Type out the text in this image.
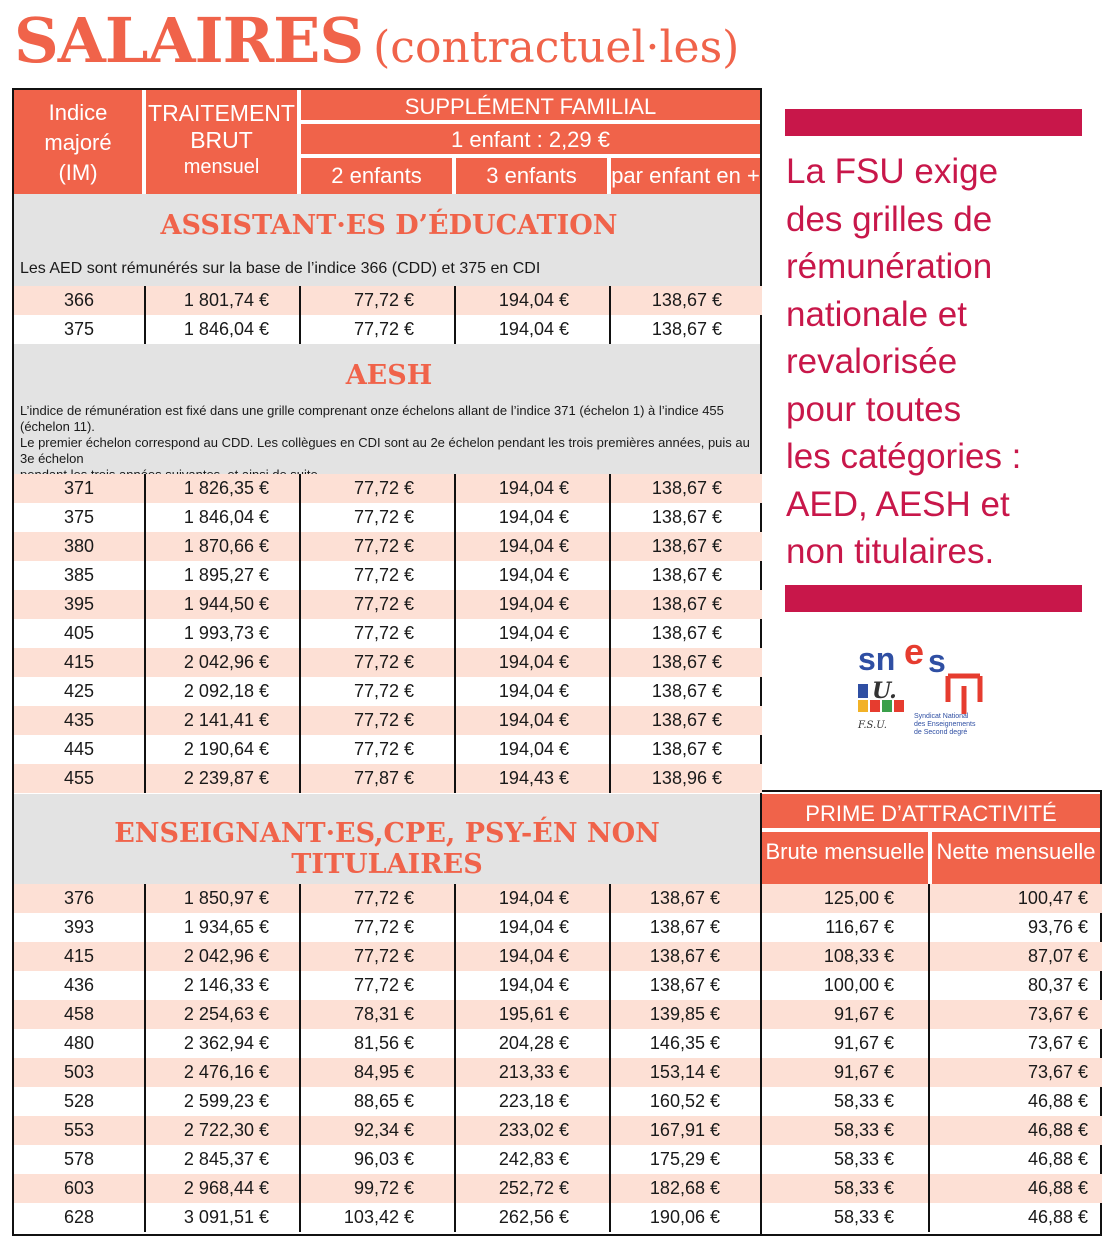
SALAIRES (contractuel·les)
Indice
majoré
(IM)
TRAITEMENT
BRUT
mensuel
SUPPLÉMENT FAMILIAL
1 enfant : 2,29 €
2 enfants	3 enfants	par enfant en +
ASSISTANT·ES D’ÉDUCATION
Les AED sont rémunérés sur la base de l’indice 366 (CDD) et 375 en CDI
366	1 801,74 €	77,72 €	194,04 €	138,67 €
375	1 846,04 €	77,72 €	194,04 €	138,67 €
AESH
L’indice de rémunération est fixé dans une grille comprenant onze échelons allant de l’indice 371 (échelon 1) à l’indice 455 (échelon 11).
Le premier échelon correspond au CDD. Les collègues en CDI sont au 2e échelon pendant les trois premières années, puis au 3e échelon

371	1 826,35 €	77,72 €	194,04 €	138,67 €
375	1 846,04 €	77,72 €	194,04 €	138,67 €
380	1 870,66 €	77,72 €	194,04 €	138,67 €
385	1 895,27 €	77,72 €	194,04 €	138,67 €
395	1 944,50 €	77,72 €	194,04 €	138,67 €
405	1 993,73 €	77,72 €	194,04 €	138,67 €
415	2 042,96 €	77,72 €	194,04 €	138,67 €
425	2 092,18 €	77,72 €	194,04 €	138,67 €
435	2 141,41 €	77,72 €	194,04 €	138,67 €
445	2 190,64 €	77,72 €	194,04 €	138,67 €
455	2 239,87 €	77,87 €	194,43 €	138,96 €
ENSEIGNANT·ES,CPE, PSY-ÉN NON TITULAIRES
PRIME D’ATTRACTIVITÉ
Brute mensuelle Nette mensuelle
376	1 850,97 €	77,72 €	194,04 €	138,67 €	125,00 €	100,47 €
393	1 934,65 €	77,72 €	194,04 €	138,67 €	116,67 €	93,76 €
415	2 042,96 €	77,72 €	194,04 €	138,67 €	108,33 €	87,07 €
436	2 146,33 €	77,72 €	194,04 €	138,67 €	100,00 €	80,37 €
458	2 254,63 €	78,31 €	195,61 €	139,85 €	91,67 €	73,67 €
480	2 362,94 €	81,56 €	204,28 €	146,35 €	91,67 €	73,67 €
503	2 476,16 €	84,95 €	213,33 €	153,14 €	91,67 €	73,67 €
528	2 599,23 €	88,65 €	223,18 €	160,52 €	58,33 €	46,88 €
553	2 722,30 €	92,34 €	233,02 €	167,91 €	58,33 €	46,88 €
578	2 845,37 €	96,03 €	242,83 €	175,29 €	58,33 €	46,88 €
603	2 968,44 €	99,72 €	252,72 €	182,68 €	58,33 €	46,88 €
628	3 091,51 €	103,42 €	262,56 €	190,06 €	58,33 €	46,88 €
La FSU exige
des grilles de
rémunération
nationale et
revalorisée
pour toutes
les catégories :
AED, AESH et
non titulaires.
sn e s
U.
F.S.U.
Syndicat National
des Enseignements
de Second degré
